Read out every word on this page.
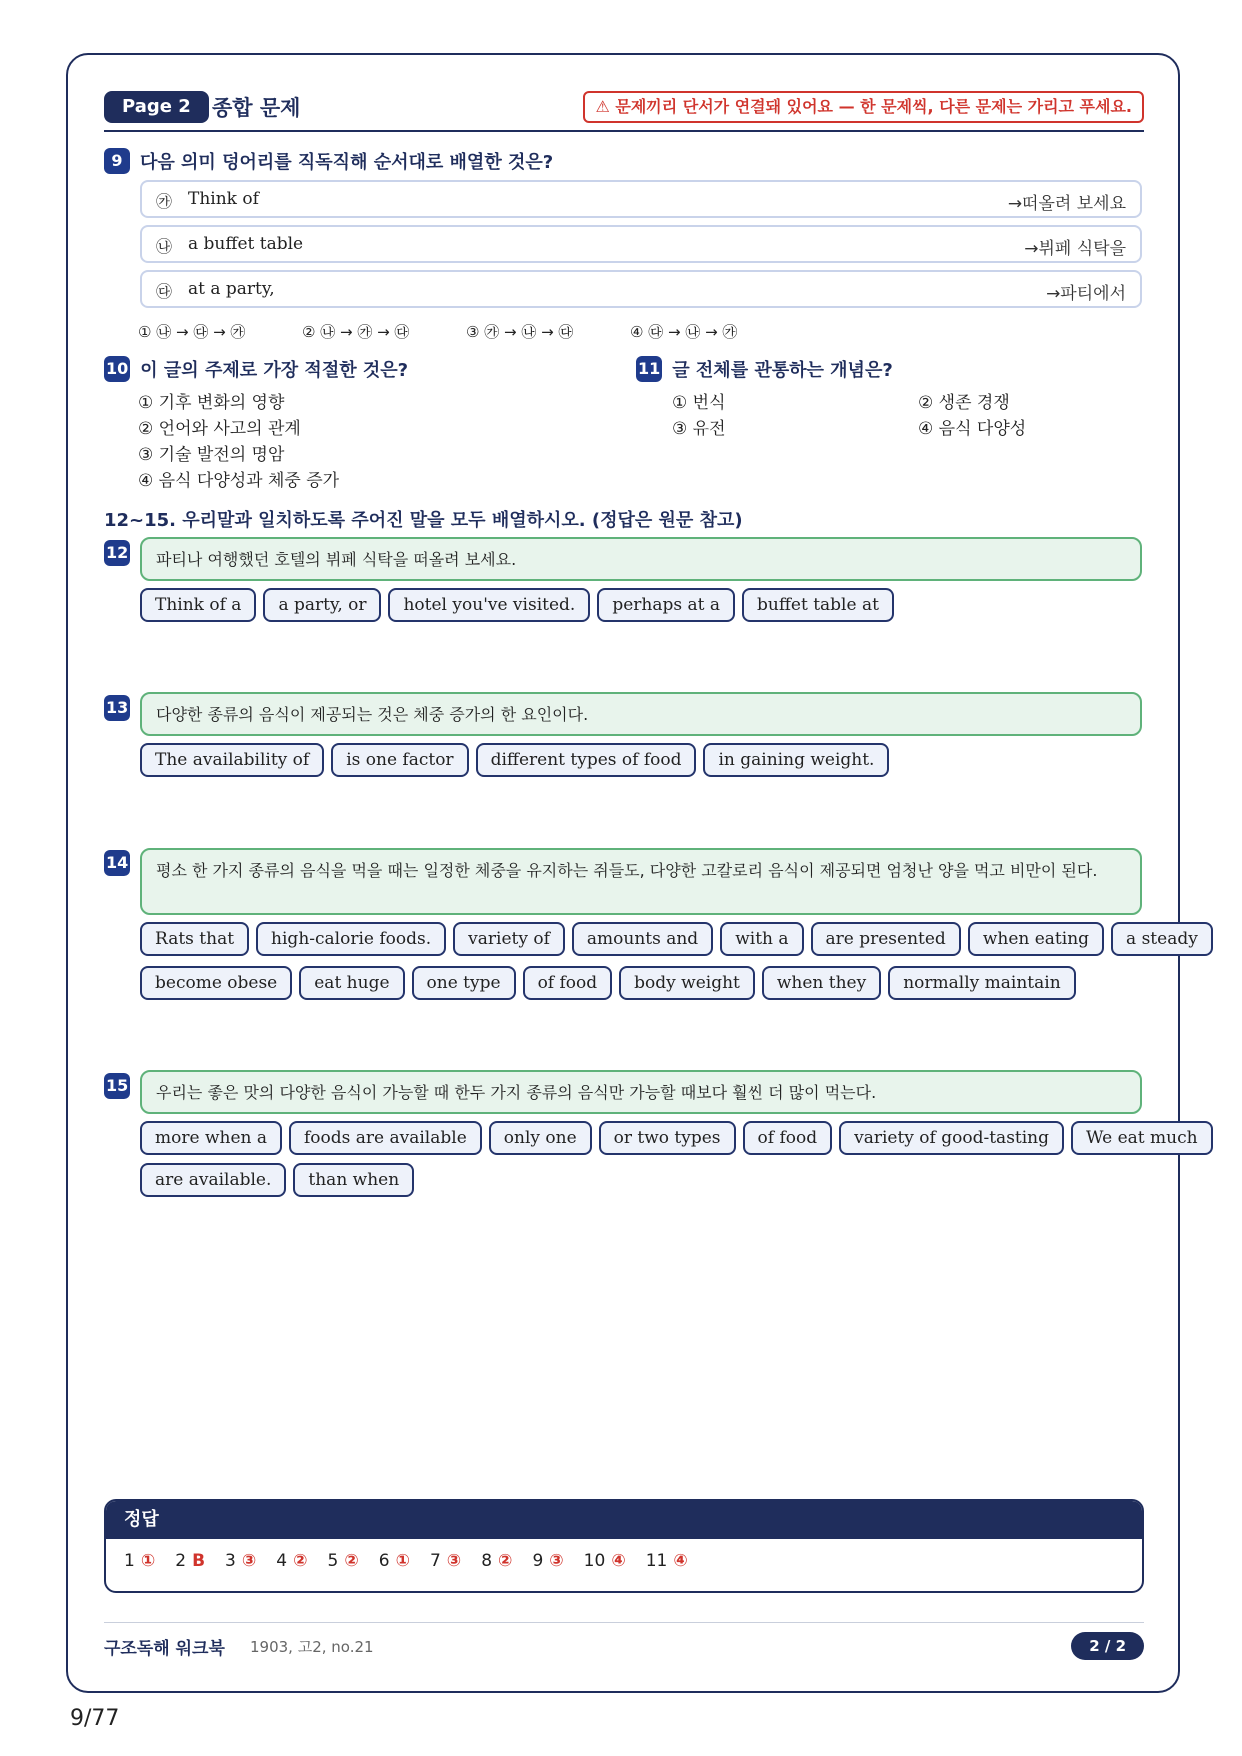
Page 2	종합 문제	⚠ 문제끼리 단서가 연결돼 있어요 — 한 문제씩, 다른 문제는 가리고 푸세요.
9 다음 의미 덩어리를 직독직해 순서대로 배열한 것은?
㉮ Think of	→떠올려 보세요
㉯ a buffet table	→뷔페 식탁을
㉰ at a party,	→파티에서
① ㉯ → ㉰ → ㉮	② ㉯ → ㉮ → ㉰	③ ㉮ → ㉯ → ㉰	④ ㉰ → ㉯ → ㉮
10 이 글의 주제로 가장 적절한 것은?
① 기후 변화의 영향
② 언어와 사고의 관계
③ 기술 발전의 명암
④ 음식 다양성과 체중 증가
11 글 전체를 관통하는 개념은?
① 번식	② 생존 경쟁
③ 유전	④ 음식 다양성
12~15. 우리말과 일치하도록 주어진 말을 모두 배열하시오. (정답은 원문 참고)
12	파티나 여행했던 호텔의 뷔페 식탁을 떠올려 보세요.
Think of a	a party, or	hotel you've visited.	perhaps at a	buffet table at
13	다양한 종류의 음식이 제공되는 것은 체중 증가의 한 요인이다.
The availability of	is one factor	different types of food	in gaining weight.
14	평소 한 가지 종류의 음식을 먹을 때는 일정한 체중을 유지하는 쥐들도, 다양한 고칼로리 음식이 제공되면 엄청난 양을 먹고 비만이 된다.
Rats that	high-calorie foods.	variety of	amounts and	with a	are presented	when eating	a steady
become obese	eat huge	one type	of food	body weight	when they	normally maintain
15	우리는 좋은 맛의 다양한 음식이 가능할 때 한두 가지 종류의 음식만 가능할 때보다 훨씬 더 많이 먹는다.
more when a	foods are available	only one	or two types	of food	variety of good-tasting	We eat much
are available.	than when
정답
1 ① 2 B 3 ③ 4 ② 5 ② 6 ① 7 ③ 8 ② 9 ③ 10 ④ 11 ④
구조독해 워크북 1903, 고2, no.21	2 / 2
9/77
